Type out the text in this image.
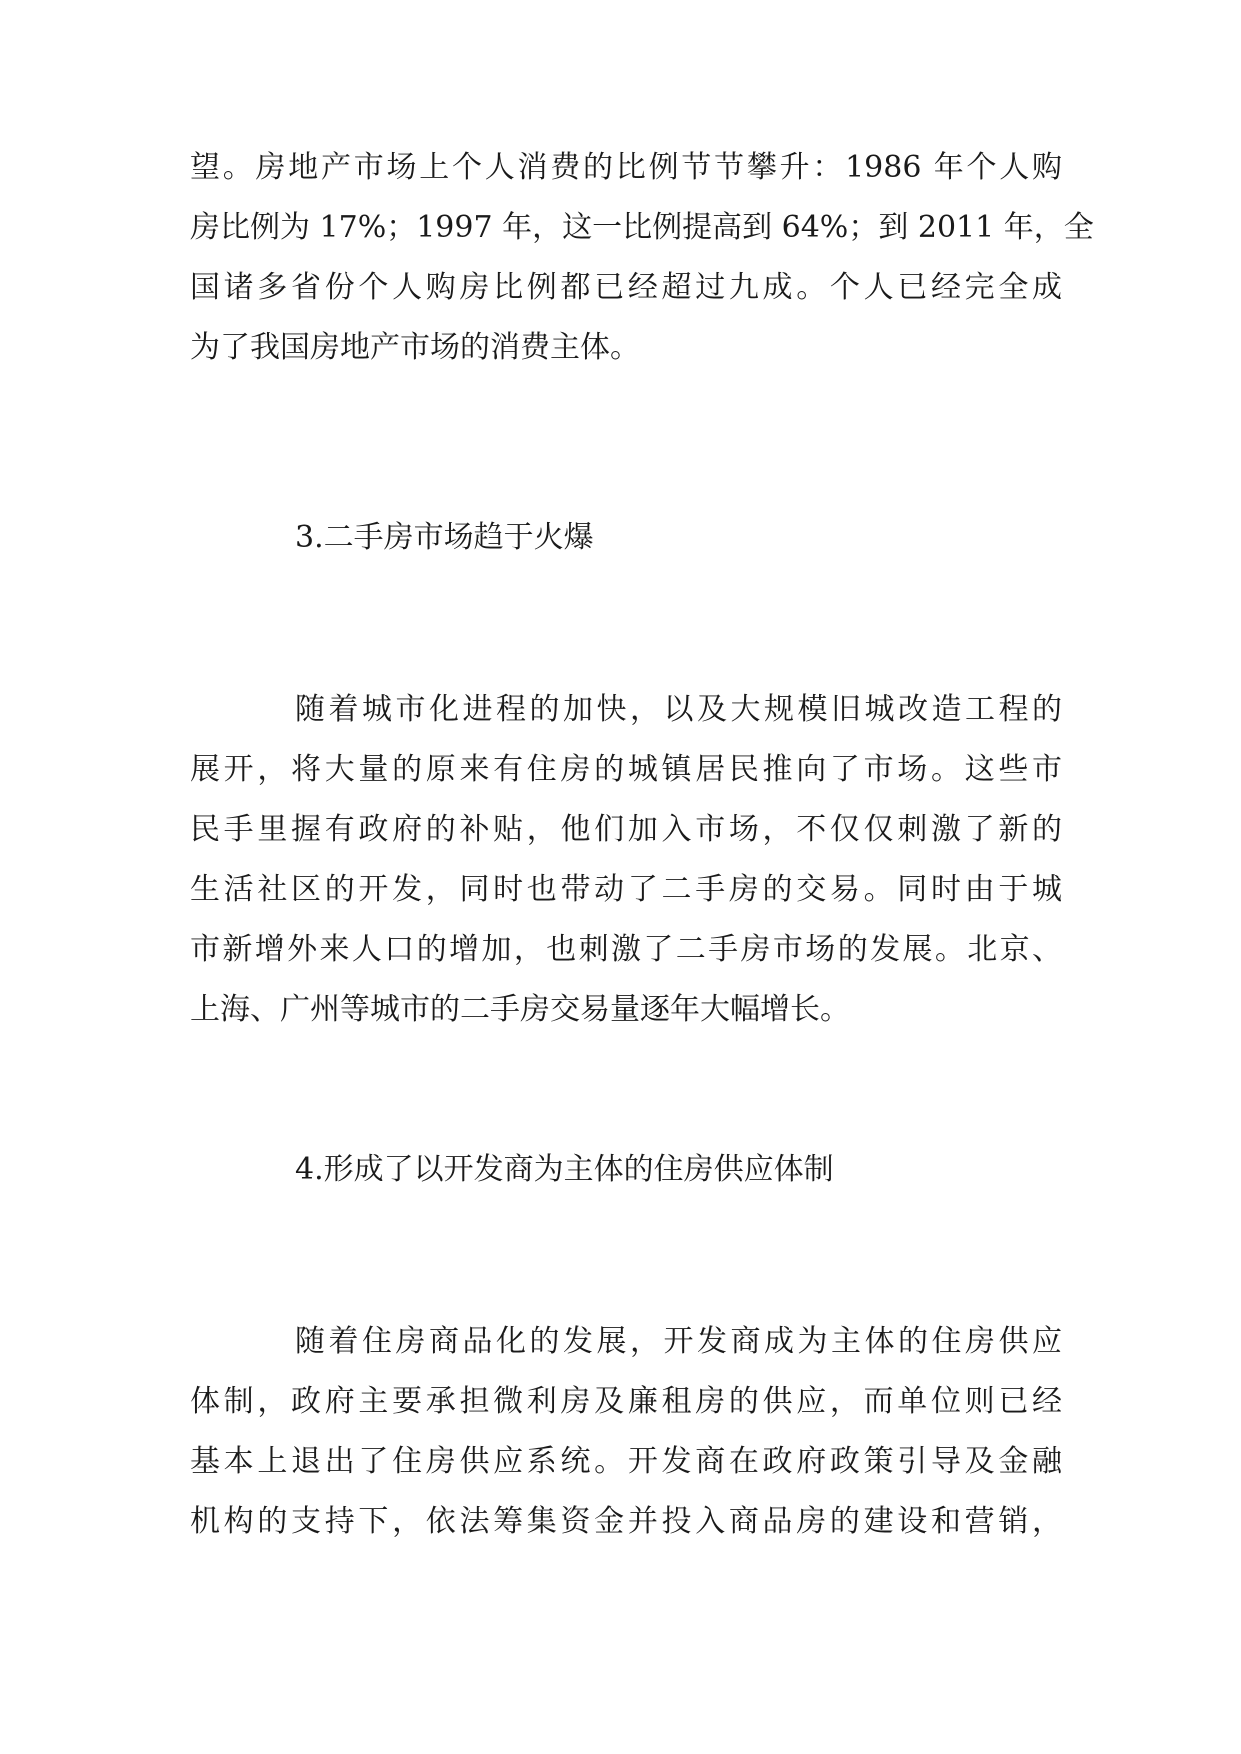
望。房地产市场上个人消费的比例节节攀升：1986 年个人购
房比例为 17%；1997 年，这一比例提高到 64%；到 2011 年，全
国诸多省份个人购房比例都已经超过九成。个人已经完全成
为了我国房地产市场的消费主体。
3.二手房市场趋于火爆
随着城市化进程的加快，以及大规模旧城改造工程的
展开，将大量的原来有住房的城镇居民推向了市场。这些市
民手里握有政府的补贴，他们加入市场，不仅仅刺激了新的
生活社区的开发，同时也带动了二手房的交易。同时由于城
市新增外来人口的增加，也刺激了二手房市场的发展。北京、
上海、广州等城市的二手房交易量逐年大幅增长。
4.形成了以开发商为主体的住房供应体制
随着住房商品化的发展，开发商成为主体的住房供应
体制，政府主要承担微利房及廉租房的供应，而单位则已经
基本上退出了住房供应系统。开发商在政府政策引导及金融
机构的支持下，依法筹集资金并投入商品房的建设和营销，
